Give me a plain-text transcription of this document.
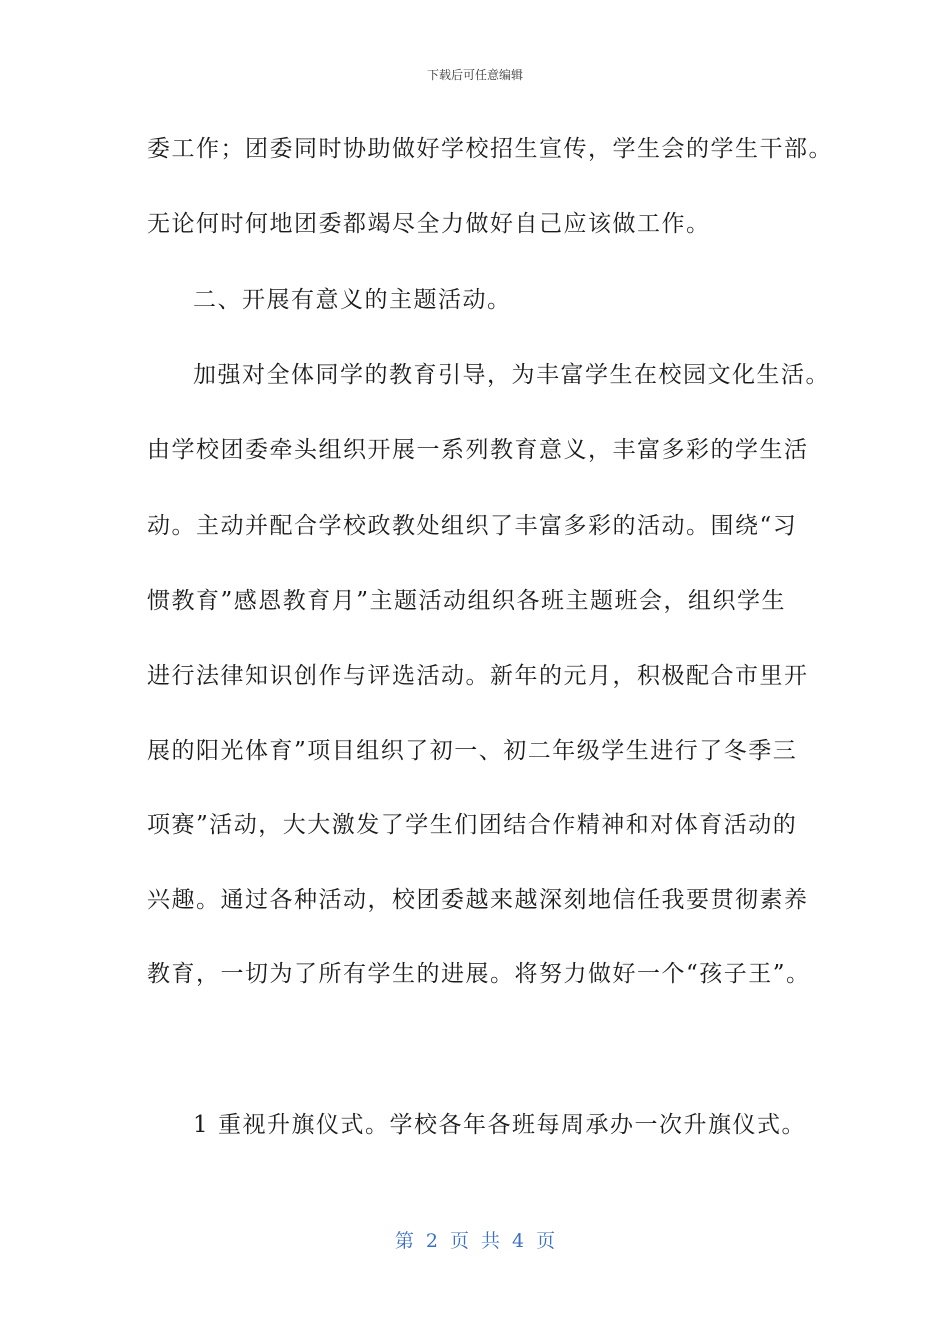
下载后可任意编辑
委工作；团委同时协助做好学校招生宣传，学生会的学生干部。
无论何时何地团委都竭尽全力做好自己应该做工作。
二、开展有意义的主题活动。
加强对全体同学的教育引导，为丰富学生在校园文化生活。
由学校团委牵头组织开展一系列教育意义，丰富多彩的学生活
动。主动并配合学校政教处组织了丰富多彩的活动。围绕“习
惯教育”感恩教育月”主题活动组织各班主题班会，组织学生
进行法律知识创作与评选活动。新年的元月，积极配合市里开
展的阳光体育”项目组织了初一、初二年级学生进行了冬季三
项赛”活动，大大激发了学生们团结合作精神和对体育活动的
兴趣。通过各种活动，校团委越来越深刻地信任我要贯彻素养
教育，一切为了所有学生的进展。将努力做好一个“孩子王”。
1 重视升旗仪式。学校各年各班每周承办一次升旗仪式。
第 2 页 共 4 页
